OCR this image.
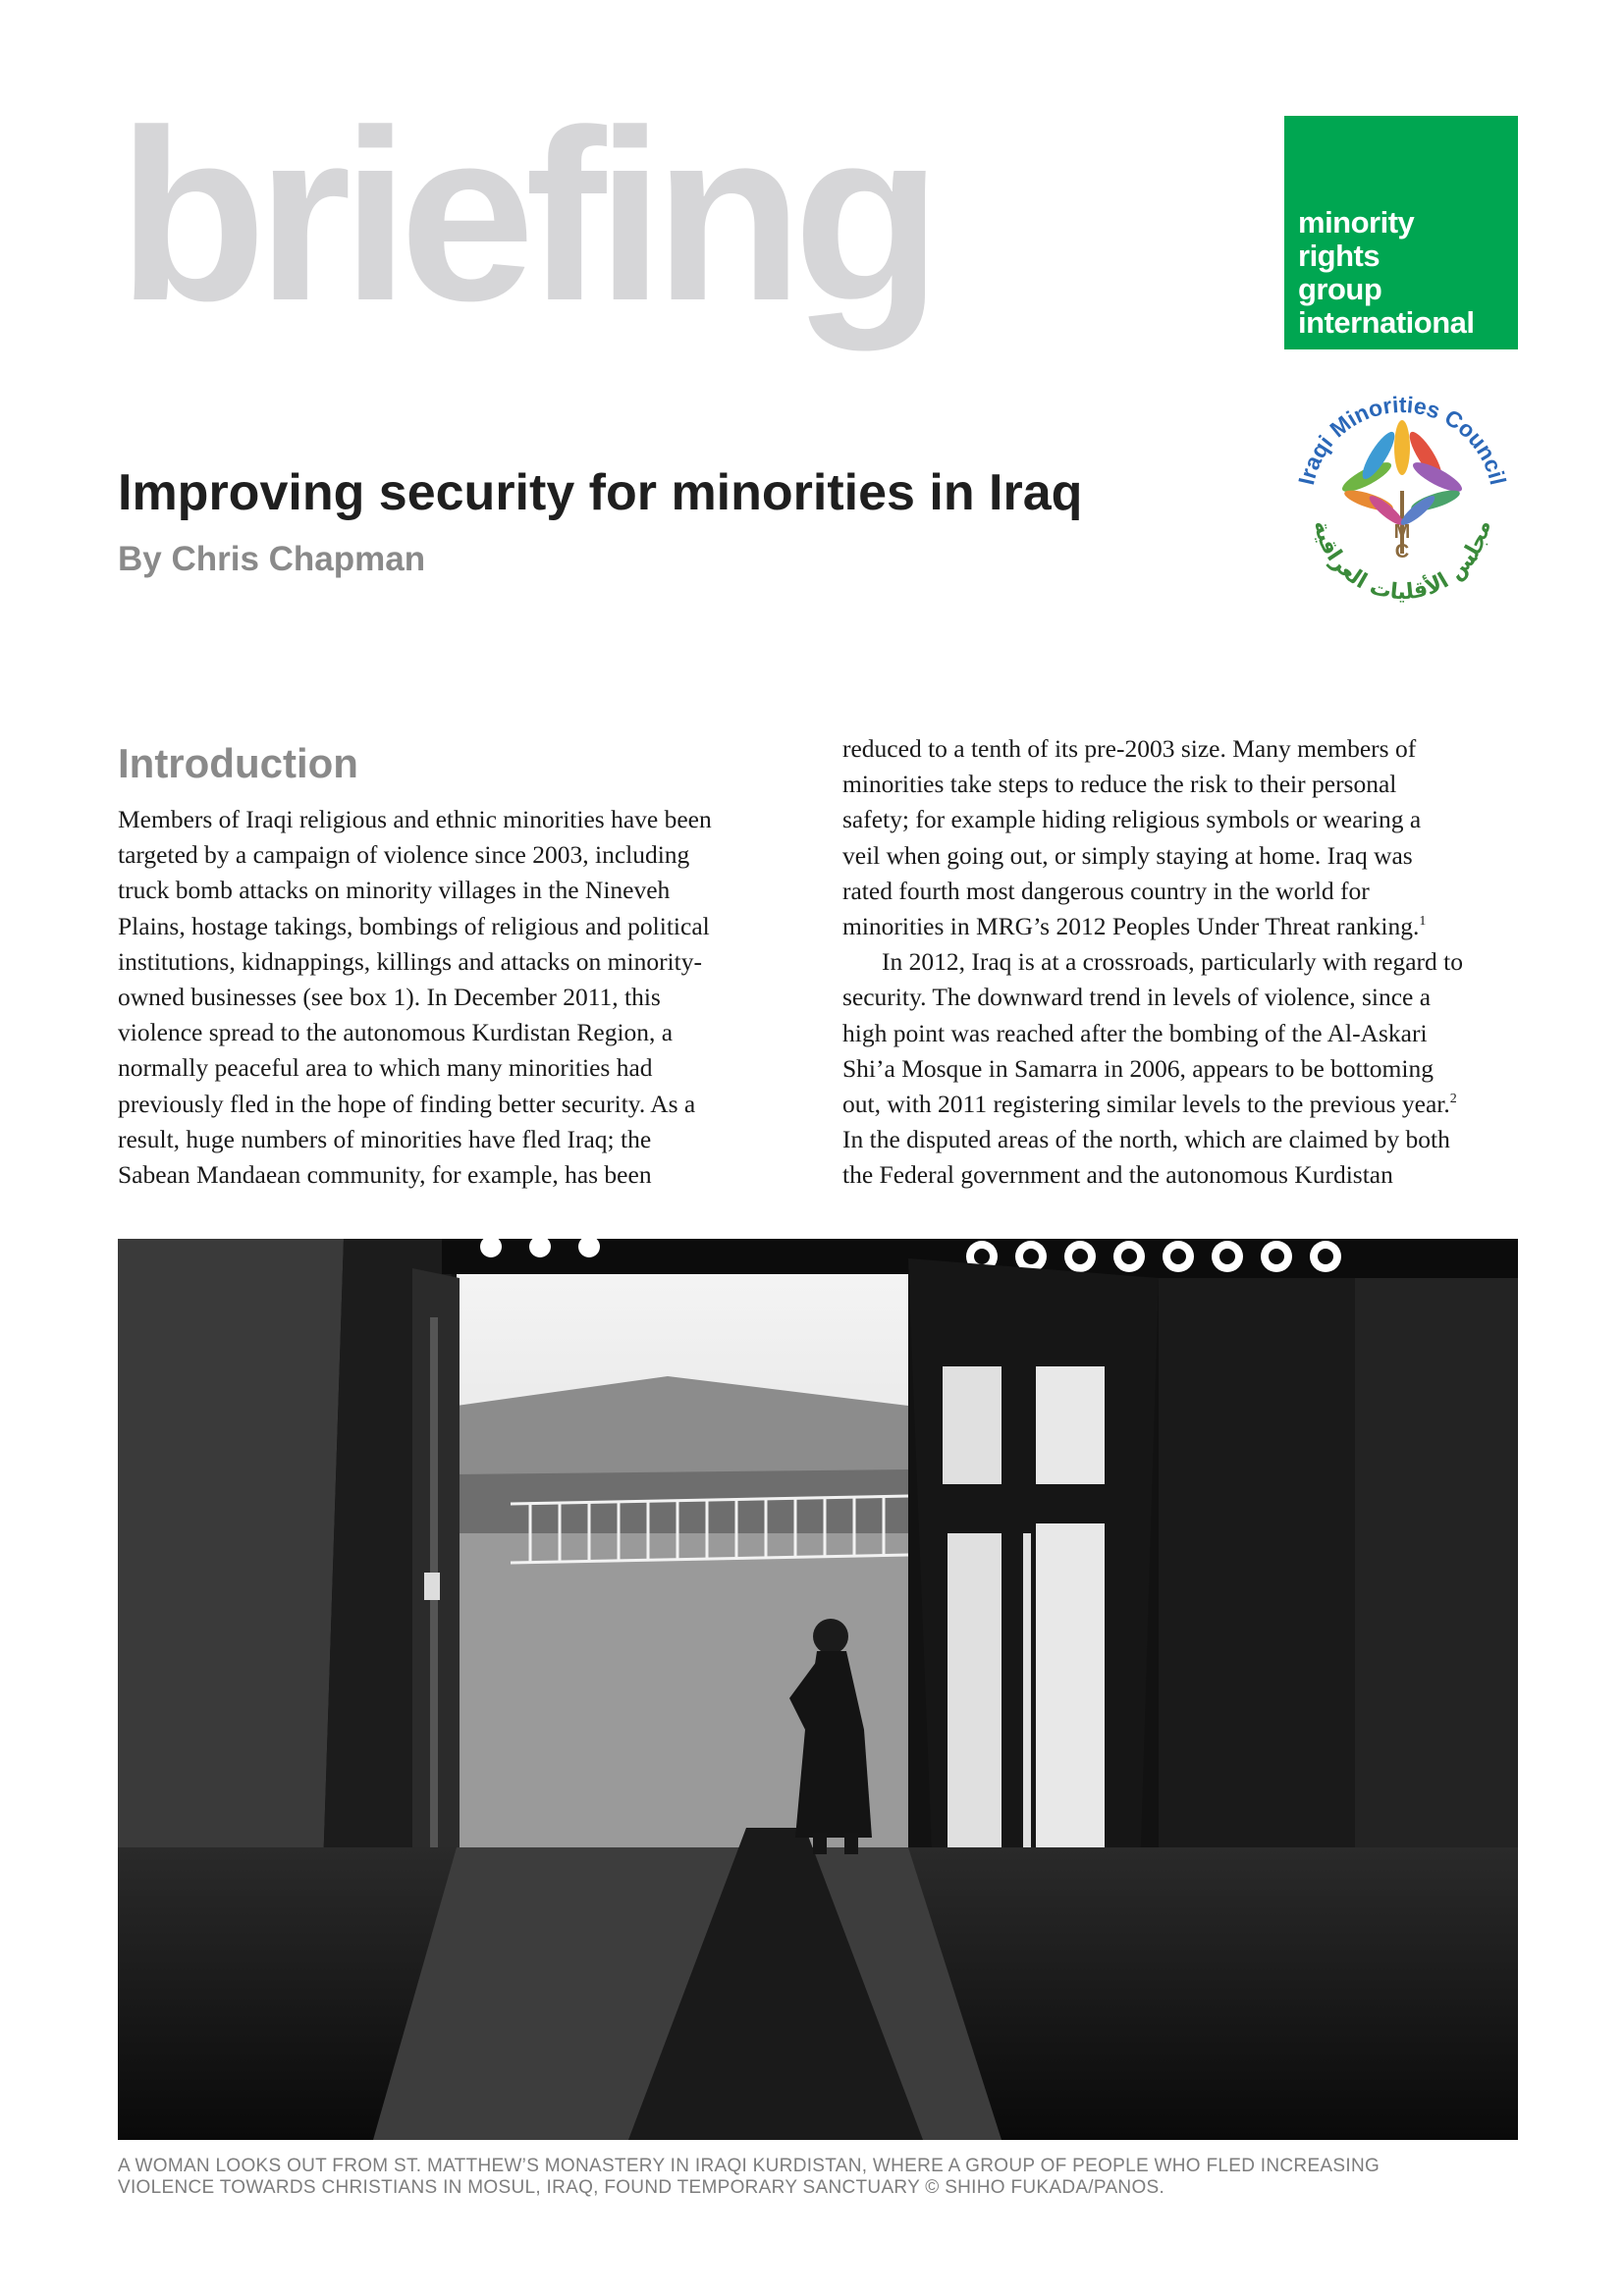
briefing	minority
rights
group
international
Iraqi Minorities Council
مجلس الأقليات العراقية
I
M
C
Improving security for minorities in Iraq

By Chris Chapman

Introduction

Members of Iraqi religious and ethnic minorities have been
targeted by a campaign of violence since 2003, including
truck bomb attacks on minority villages in the Nineveh
Plains, hostage takings, bombings of religious and political
institutions, kidnappings, killings and attacks on minority-
owned businesses (see box 1). In December 2011, this
violence spread to the autonomous Kurdistan Region, a
normally peaceful area to which many minorities had
previously fled in the hope of finding better security. As a
result, huge numbers of minorities have fled Iraq; the
Sabean Mandaean community, for example, has been

reduced to a tenth of its pre-2003 size. Many members of
minorities take steps to reduce the risk to their personal
safety; for example hiding religious symbols or wearing a
veil when going out, or simply staying at home. Iraq was
rated fourth most dangerous country in the world for
minorities in MRG’s 2012 Peoples Under Threat ranking.$^1$

In 2012, Iraq is at a crossroads, particularly with regard to
security. The downward trend in levels of violence, since a
high point was reached after the bombing of the Al-Askari
Shi’a Mosque in Samarra in 2006, appears to be bottoming
out, with 2011 registering similar levels to the previous year.$^2$
In the disputed areas of the north, which are claimed by both
the Federal government and the autonomous Kurdistan

A WOMAN LOOKS OUT FROM ST. MATTHEW’S MONASTERY IN IRAQI KURDISTAN, WHERE A GROUP OF PEOPLE WHO FLED INCREASING
VIOLENCE TOWARDS CHRISTIANS IN MOSUL, IRAQ, FOUND TEMPORARY SANCTUARY © SHIHO FUKADA/PANOS.
